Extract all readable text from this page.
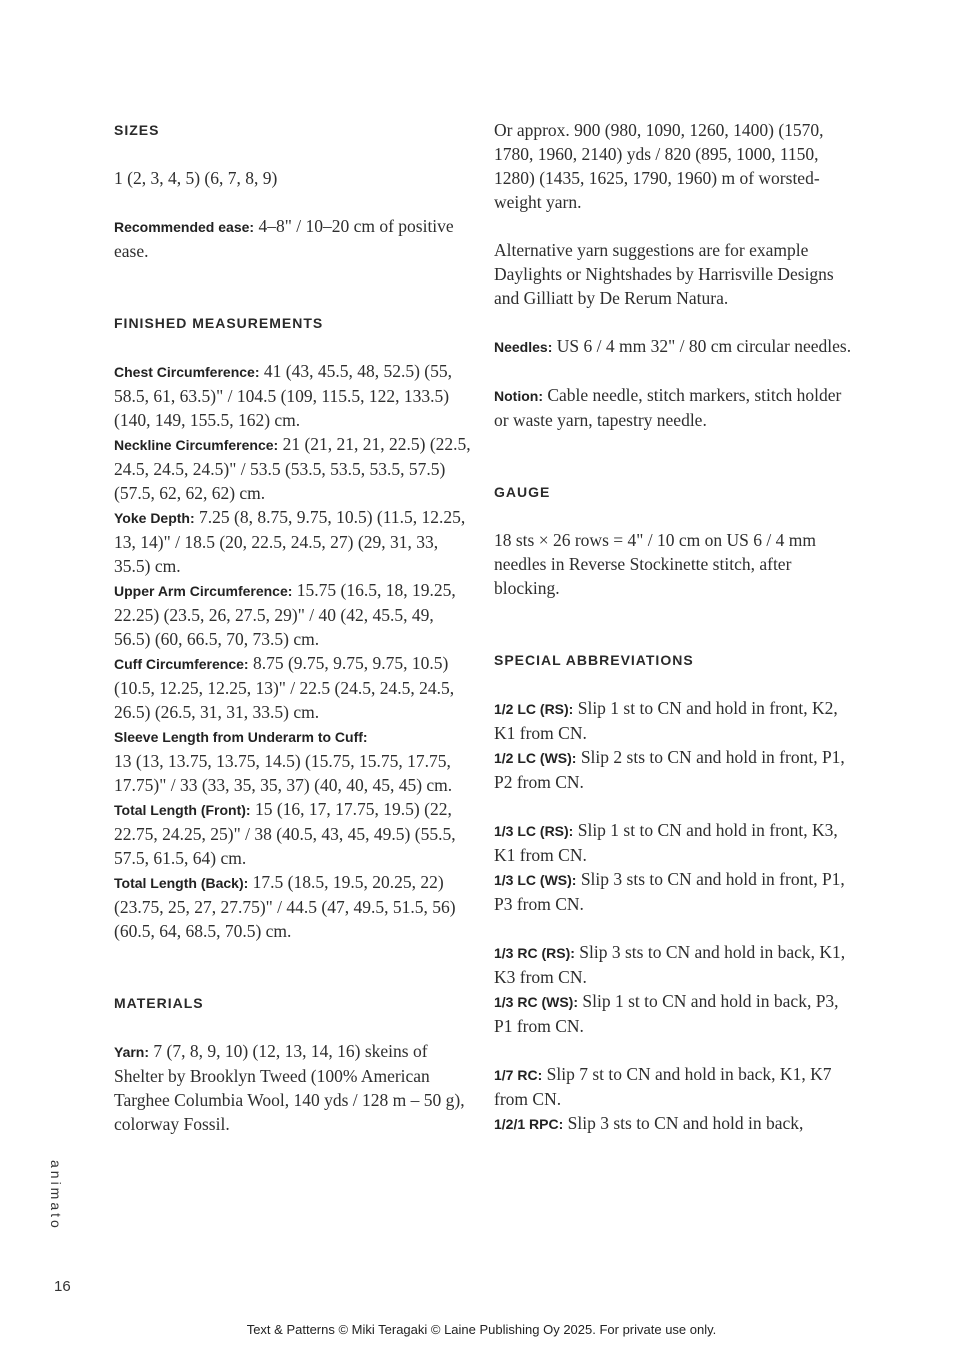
SIZES

1 (2, 3, 4, 5) (6, 7, 8, 9)

Recommended ease: 4–8" / 10–20 cm of positive ease.

FINISHED MEASUREMENTS

Chest Circumference: 41 (43, 45.5, 48, 52.5) (55, 58.5, 61, 63.5)" / 104.5 (109, 115.5, 122, 133.5) (140, 149, 155.5, 162) cm.

Neckline Circumference: 21 (21, 21, 21, 22.5) (22.5, 24.5, 24.5, 24.5)" / 53.5 (53.5, 53.5, 53.5, 57.5) (57.5, 62, 62, 62) cm.

Yoke Depth: 7.25 (8, 8.75, 9.75, 10.5) (11.5, 12.25, 13, 14)" / 18.5 (20, 22.5, 24.5, 27) (29, 31, 33, 35.5) cm.

Upper Arm Circumference: 15.75 (16.5, 18, 19.25, 22.25) (23.5, 26, 27.5, 29)" / 40 (42, 45.5, 49, 56.5) (60, 66.5, 70, 73.5) cm.

Cuff Circumference: 8.75 (9.75, 9.75, 9.75, 10.5) (10.5, 12.25, 12.25, 13)" / 22.5 (24.5, 24.5, 24.5, 26.5) (26.5, 31, 31, 33.5) cm.

Sleeve Length from Underarm to Cuff:
13 (13, 13.75, 13.75, 14.5) (15.75, 15.75, 17.75, 17.75)" / 33 (33, 35, 35, 37) (40, 40, 45, 45) cm.

Total Length (Front): 15 (16, 17, 17.75, 19.5) (22, 22.75, 24.25, 25)" / 38 (40.5, 43, 45, 49.5) (55.5, 57.5, 61.5, 64) cm.

Total Length (Back): 17.5 (18.5, 19.5, 20.25, 22) (23.75, 25, 27, 27.75)" / 44.5 (47, 49.5, 51.5, 56) (60.5, 64, 68.5, 70.5) cm.

MATERIALS

Yarn: 7 (7, 8, 9, 10) (12, 13, 14, 16) skeins of Shelter by Brooklyn Tweed (100% American Targhee Columbia Wool, 140 yds / 128 m – 50 g), colorway Fossil.

Or approx. 900 (980, 1090, 1260, 1400) (1570, 1780, 1960, 2140) yds / 820 (895, 1000, 1150, 1280) (1435, 1625, 1790, 1960) m of worsted-weight yarn.

Alternative yarn suggestions are for example Daylights or Nightshades by Harrisville Designs and Gilliatt by De Rerum Natura.

Needles: US 6 / 4 mm 32" / 80 cm circular needles.

Notion: Cable needle, stitch markers, stitch holder or waste yarn, tapestry needle.

GAUGE

18 sts × 26 rows = 4" / 10 cm on US 6 / 4 mm needles in Reverse Stockinette stitch, after blocking.

SPECIAL ABBREVIATIONS

1/2 LC (RS): Slip 1 st to CN and hold in front, K2, K1 from CN.

1/2 LC (WS): Slip 2 sts to CN and hold in front, P1, P2 from CN.

1/3 LC (RS): Slip 1 st to CN and hold in front, K3, K1 from CN.

1/3 LC (WS): Slip 3 sts to CN and hold in front, P1, P3 from CN.

1/3 RC (RS): Slip 3 sts to CN and hold in back, K1, K3 from CN.

1/3 RC (WS): Slip 1 st to CN and hold in back, P3, P1 from CN.

1/7 RC: Slip 7 st to CN and hold in back, K1, K7 from CN.

1/2/1 RPC: Slip 3 sts to CN and hold in back,

animato
16
Text & Patterns © Miki Teragaki © Laine Publishing Oy 2025. For private use only.
